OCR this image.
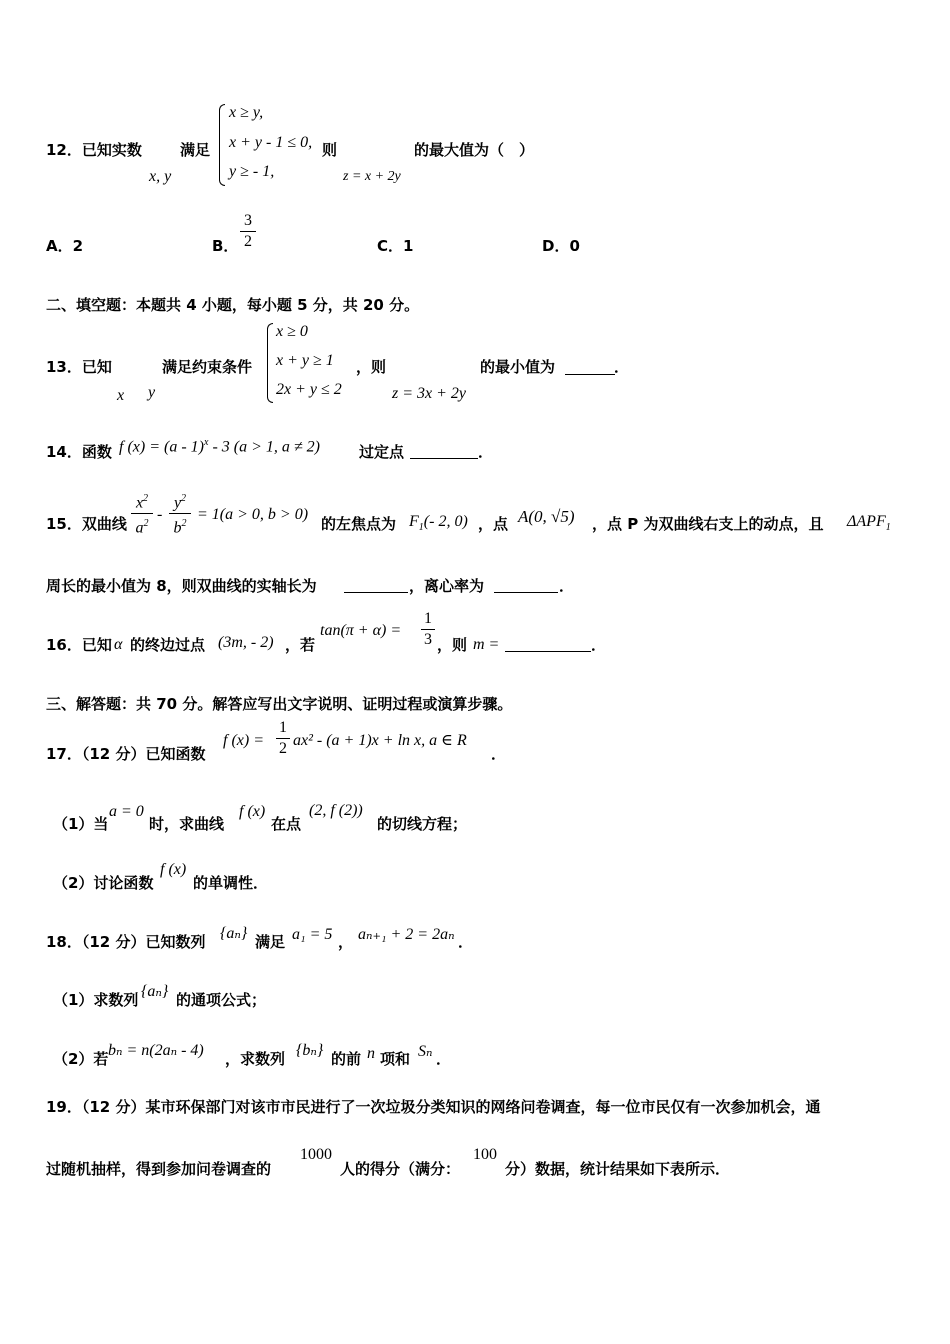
12．已知实数
x, y
满足
x ≥ y,
x + y - 1 ≤ 0,
y ≥ - 1,
则
z = x + 2y
的最大值为（　）
A．2	B．
3
2	C．1	D．0
二、填空题：本题共 4 小题，每小题 5 分，共 20 分。
13．已知
x y
满足约束条件
x ≥ 0
x + y ≥ 1
2x + y ≤ 2
，则
z = 3x + 2y
的最小值为	．
14．函数 f (x) = (a - 1)$^x$ - 3 (a > 1, a ≠ 2)	过定点	．
15．双曲线
$x^2$
$a^2$
-
$y^2$
$b^2$
= 1(a > 0, b > 0)
的左焦点为 $F_1(-$ 2, 0) ，点 A(0, √5) ，点 P 为双曲线右支上的动点，且 $\Delta APF_1$
周长的最小值为 8，则双曲线的实轴长为	，离心率为	．
16．已知 α 的终边过点 (3m, - 2) ，若
tan(π + α) =
1
3 ，则 m =	．
三、解答题：共 70 分。解答应写出文字说明、证明过程或演算步骤。
17．（12 分）已知函数
f (x) =
1
2 ax² - (a + 1)x + ln x, a ∈ R
．
（1）当
a = 0
时，求曲线
f (x)
在点
(2, f (2))
的切线方程；
（2）讨论函数
f (x)
的单调性．
18．（12 分）已知数列 {aₙ} 满足 a₁ = 5 ， aₙ₊₁ + 2 = 2aₙ ．
（1）求数列 {aₙ} 的通项公式；
（2）若 bₙ = n(2aₙ - 4) ，求数列 {bₙ} 的前 n 项和 Sₙ ．
19．（12 分）某市环保部门对该市市民进行了一次垃圾分类知识的网络问卷调查，每一位市民仅有一次参加机会，通
过随机抽样，得到参加问卷调查的
1000
人的得分（满分：
100
分）数据，统计结果如下表所示．
